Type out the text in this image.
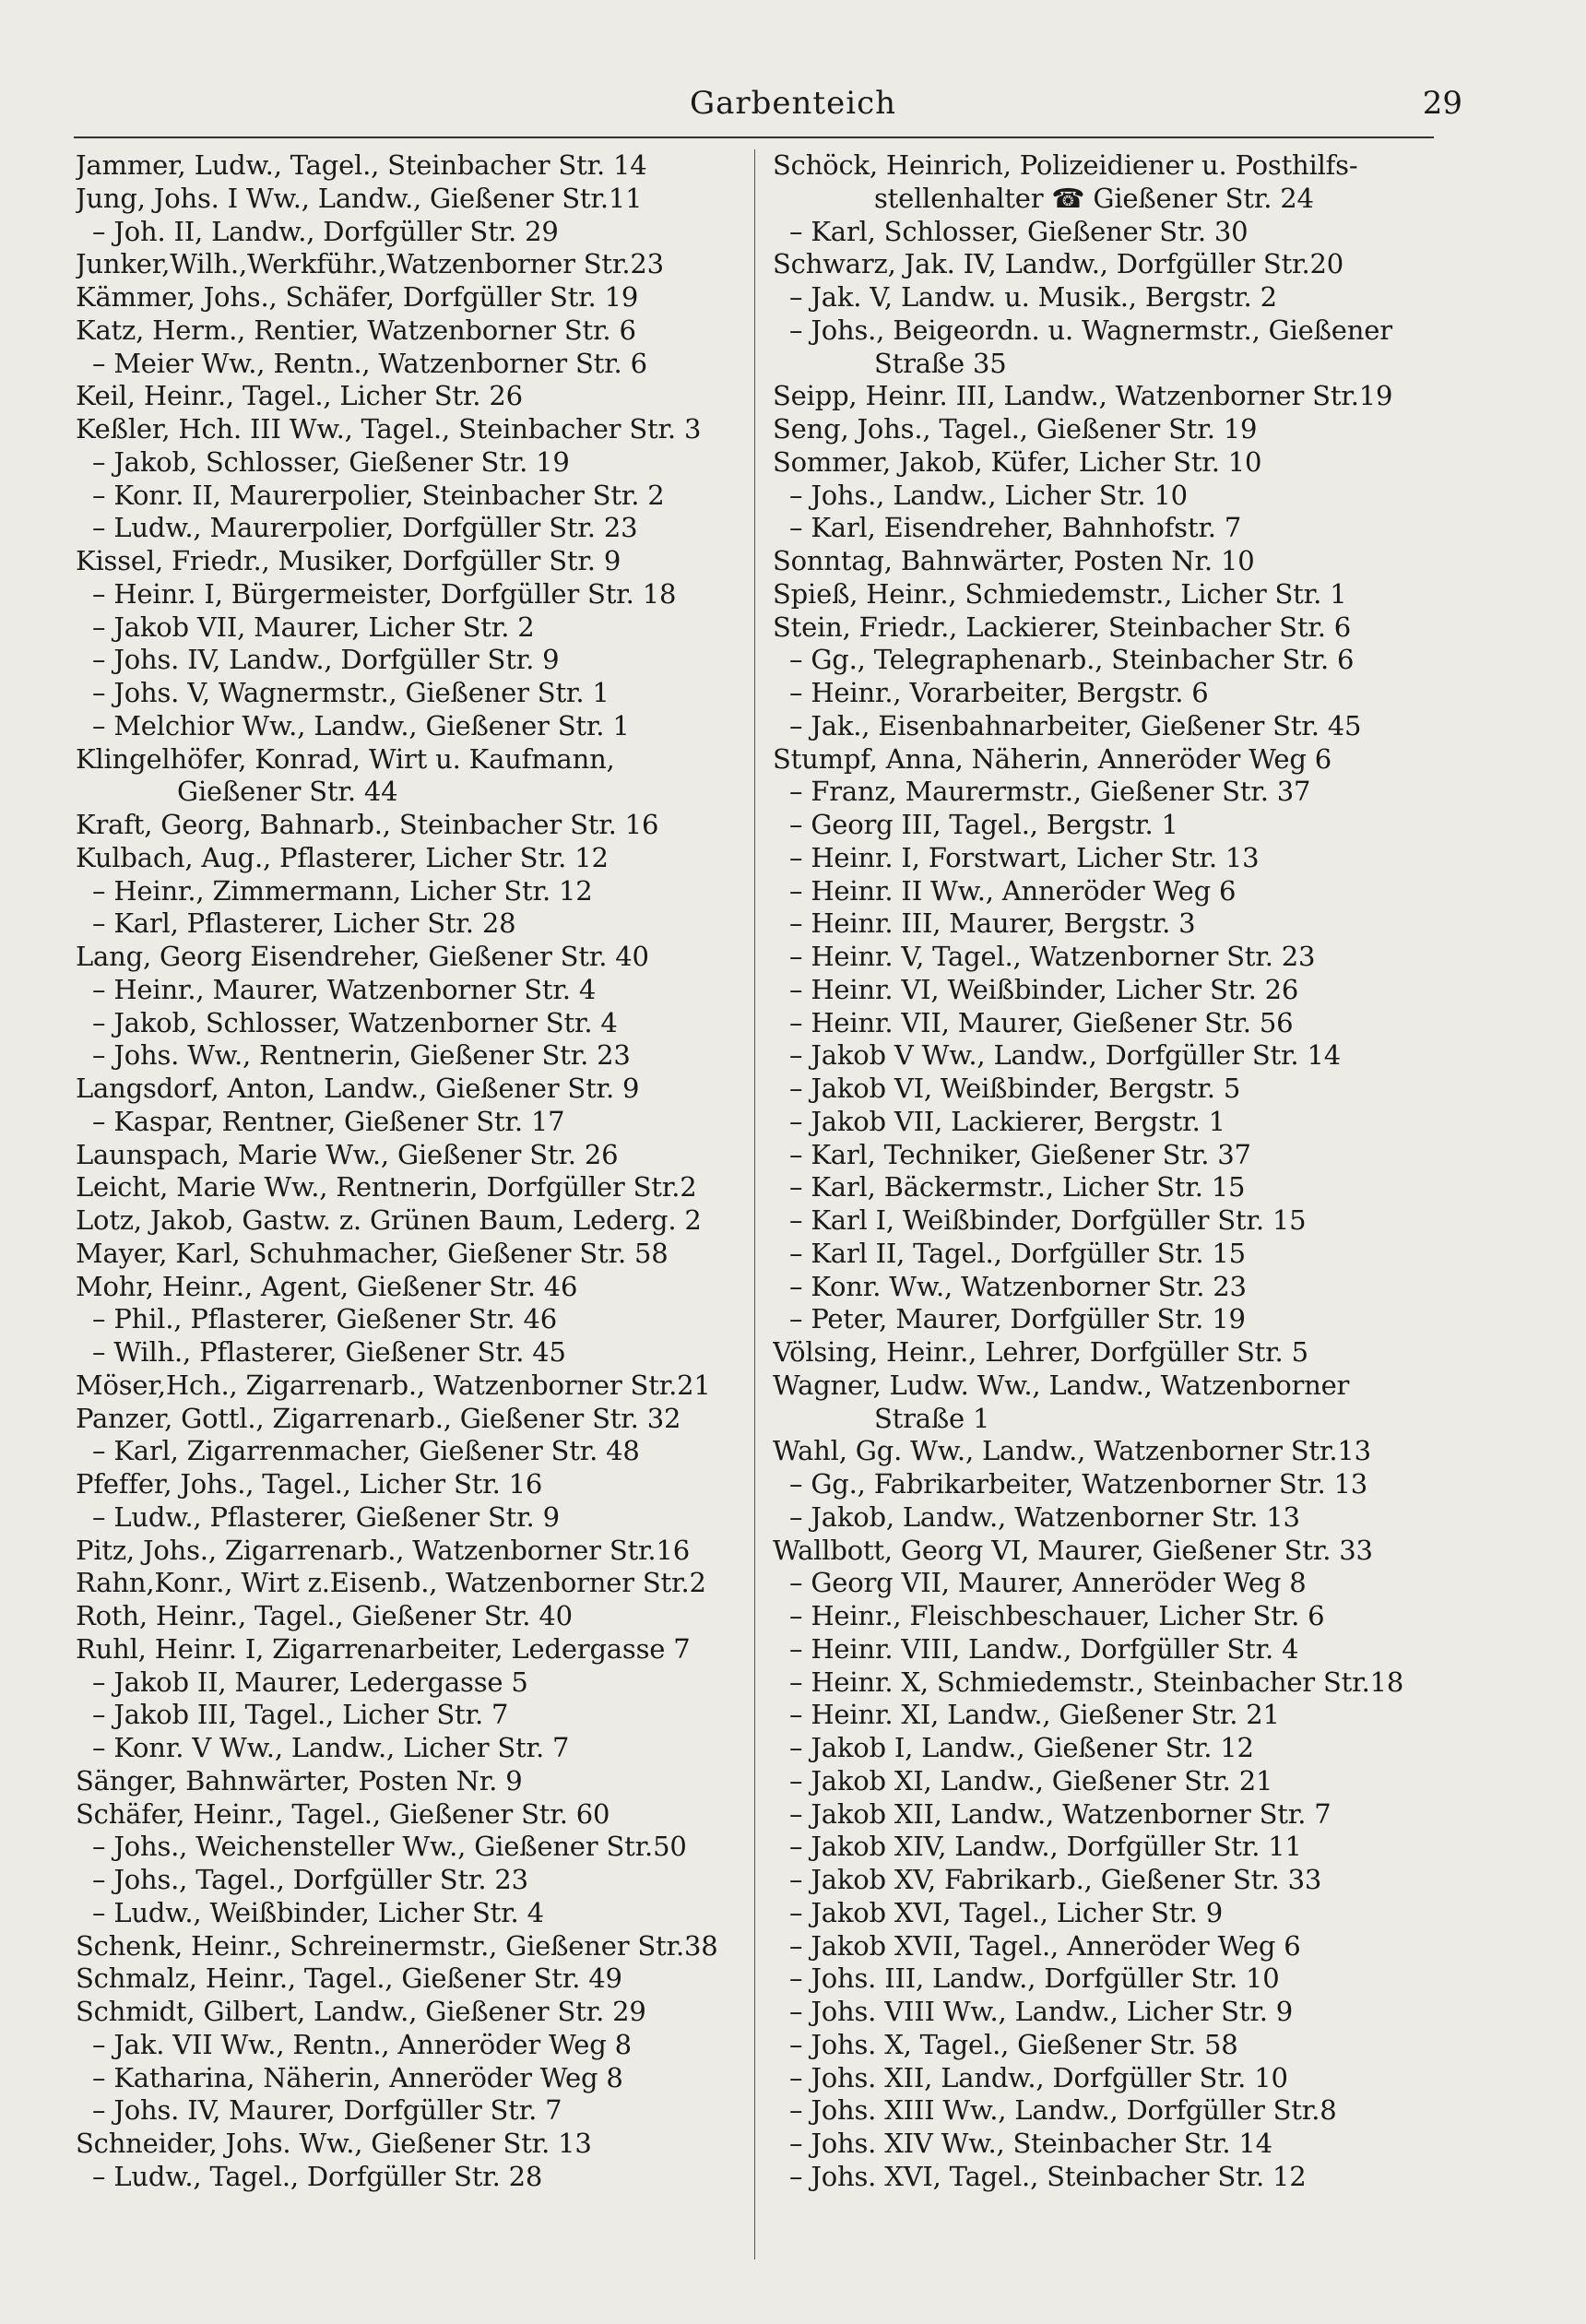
Garbenteich	29
Jammer, Ludw., Tagel., Steinbacher Str. 14
Jung, Johs. I Ww., Landw., Gießener Str.11
– Joh. II, Landw., Dorfgüller Str. 29
Junker,Wilh.,Werkführ.,Watzenborner Str.23
Kämmer, Johs., Schäfer, Dorfgüller Str. 19
Katz, Herm., Rentier, Watzenborner Str. 6
– Meier Ww., Rentn., Watzenborner Str. 6
Keil, Heinr., Tagel., Licher Str. 26
Keßler, Hch. III Ww., Tagel., Steinbacher Str. 3
– Jakob, Schlosser, Gießener Str. 19
– Konr. II, Maurerpolier, Steinbacher Str. 2
– Ludw., Maurerpolier, Dorfgüller Str. 23
Kissel, Friedr., Musiker, Dorfgüller Str. 9
– Heinr. I, Bürgermeister, Dorfgüller Str. 18
– Jakob VII, Maurer, Licher Str. 2
– Johs. IV, Landw., Dorfgüller Str. 9
– Johs. V, Wagnermstr., Gießener Str. 1
– Melchior Ww., Landw., Gießener Str. 1
Klingelhöfer, Konrad, Wirt u. Kaufmann,
Gießener Str. 44
Kraft, Georg, Bahnarb., Steinbacher Str. 16
Kulbach, Aug., Pflasterer, Licher Str. 12
– Heinr., Zimmermann, Licher Str. 12
– Karl, Pflasterer, Licher Str. 28
Lang, Georg Eisendreher, Gießener Str. 40
– Heinr., Maurer, Watzenborner Str. 4
– Jakob, Schlosser, Watzenborner Str. 4
– Johs. Ww., Rentnerin, Gießener Str. 23
Langsdorf, Anton, Landw., Gießener Str. 9
– Kaspar, Rentner, Gießener Str. 17
Launspach, Marie Ww., Gießener Str. 26
Leicht, Marie Ww., Rentnerin, Dorfgüller Str.2
Lotz, Jakob, Gastw. z. Grünen Baum, Lederg. 2
Mayer, Karl, Schuhmacher, Gießener Str. 58
Mohr, Heinr., Agent, Gießener Str. 46
– Phil., Pflasterer, Gießener Str. 46
– Wilh., Pflasterer, Gießener Str. 45
Möser,Hch., Zigarrenarb., Watzenborner Str.21
Panzer, Gottl., Zigarrenarb., Gießener Str. 32
– Karl, Zigarrenmacher, Gießener Str. 48
Pfeffer, Johs., Tagel., Licher Str. 16
– Ludw., Pflasterer, Gießener Str. 9
Pitz, Johs., Zigarrenarb., Watzenborner Str.16
Rahn,Konr., Wirt z.Eisenb., Watzenborner Str.2
Roth, Heinr., Tagel., Gießener Str. 40
Ruhl, Heinr. I, Zigarrenarbeiter, Ledergasse 7
– Jakob II, Maurer, Ledergasse 5
– Jakob III, Tagel., Licher Str. 7
– Konr. V Ww., Landw., Licher Str. 7
Sänger, Bahnwärter, Posten Nr. 9
Schäfer, Heinr., Tagel., Gießener Str. 60
– Johs., Weichensteller Ww., Gießener Str.50
– Johs., Tagel., Dorfgüller Str. 23
– Ludw., Weißbinder, Licher Str. 4
Schenk, Heinr., Schreinermstr., Gießener Str.38
Schmalz, Heinr., Tagel., Gießener Str. 49
Schmidt, Gilbert, Landw., Gießener Str. 29
– Jak. VII Ww., Rentn., Anneröder Weg 8
– Katharina, Näherin, Anneröder Weg 8
– Johs. IV, Maurer, Dorfgüller Str. 7
Schneider, Johs. Ww., Gießener Str. 13
– Ludw., Tagel., Dorfgüller Str. 28
Schöck, Heinrich, Polizeidiener u. Posthilfs-
stellenhalter ☎ Gießener Str. 24
– Karl, Schlosser, Gießener Str. 30
Schwarz, Jak. IV, Landw., Dorfgüller Str.20
– Jak. V, Landw. u. Musik., Bergstr. 2
– Johs., Beigeordn. u. Wagnermstr., Gießener
Straße 35
Seipp, Heinr. III, Landw., Watzenborner Str.19
Seng, Johs., Tagel., Gießener Str. 19
Sommer, Jakob, Küfer, Licher Str. 10
– Johs., Landw., Licher Str. 10
– Karl, Eisendreher, Bahnhofstr. 7
Sonntag, Bahnwärter, Posten Nr. 10
Spieß, Heinr., Schmiedemstr., Licher Str. 1
Stein, Friedr., Lackierer, Steinbacher Str. 6
– Gg., Telegraphenarb., Steinbacher Str. 6
– Heinr., Vorarbeiter, Bergstr. 6
– Jak., Eisenbahnarbeiter, Gießener Str. 45
Stumpf, Anna, Näherin, Anneröder Weg 6
– Franz, Maurermstr., Gießener Str. 37
– Georg III, Tagel., Bergstr. 1
– Heinr. I, Forstwart, Licher Str. 13
– Heinr. II Ww., Anneröder Weg 6
– Heinr. III, Maurer, Bergstr. 3
– Heinr. V, Tagel., Watzenborner Str. 23
– Heinr. VI, Weißbinder, Licher Str. 26
– Heinr. VII, Maurer, Gießener Str. 56
– Jakob V Ww., Landw., Dorfgüller Str. 14
– Jakob VI, Weißbinder, Bergstr. 5
– Jakob VII, Lackierer, Bergstr. 1
– Karl, Techniker, Gießener Str. 37
– Karl, Bäckermstr., Licher Str. 15
– Karl I, Weißbinder, Dorfgüller Str. 15
– Karl II, Tagel., Dorfgüller Str. 15
– Konr. Ww., Watzenborner Str. 23
– Peter, Maurer, Dorfgüller Str. 19
Völsing, Heinr., Lehrer, Dorfgüller Str. 5
Wagner, Ludw. Ww., Landw., Watzenborner
Straße 1
Wahl, Gg. Ww., Landw., Watzenborner Str.13
– Gg., Fabrikarbeiter, Watzenborner Str. 13
– Jakob, Landw., Watzenborner Str. 13
Wallbott, Georg VI, Maurer, Gießener Str. 33
– Georg VII, Maurer, Anneröder Weg 8
– Heinr., Fleischbeschauer, Licher Str. 6
– Heinr. VIII, Landw., Dorfgüller Str. 4
– Heinr. X, Schmiedemstr., Steinbacher Str.18
– Heinr. XI, Landw., Gießener Str. 21
– Jakob I, Landw., Gießener Str. 12
– Jakob XI, Landw., Gießener Str. 21
– Jakob XII, Landw., Watzenborner Str. 7
– Jakob XIV, Landw., Dorfgüller Str. 11
– Jakob XV, Fabrikarb., Gießener Str. 33
– Jakob XVI, Tagel., Licher Str. 9
– Jakob XVII, Tagel., Anneröder Weg 6
– Johs. III, Landw., Dorfgüller Str. 10
– Johs. VIII Ww., Landw., Licher Str. 9
– Johs. X, Tagel., Gießener Str. 58
– Johs. XII, Landw., Dorfgüller Str. 10
– Johs. XIII Ww., Landw., Dorfgüller Str.8
– Johs. XIV Ww., Steinbacher Str. 14
– Johs. XVI, Tagel., Steinbacher Str. 12
